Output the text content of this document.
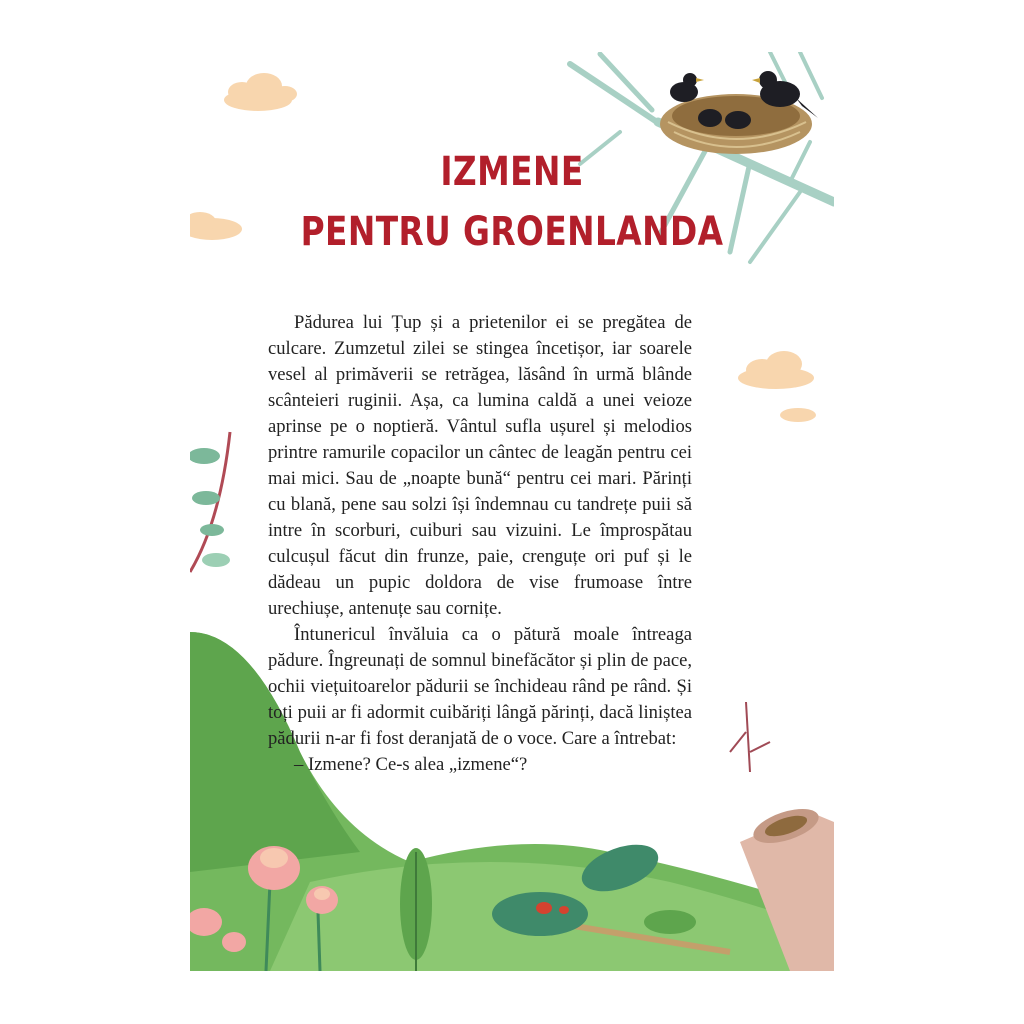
IZMENE
PENTRU GROENLANDA

Pădurea lui Țup și a prietenilor ei se pregătea de culcare. Zumzetul zilei se stingea încetișor, iar soarele vesel al primăverii se retrăgea, lăsând în urmă blânde scânteieri ruginii. Așa, ca lumina caldă a unei veioze aprinse pe o noptieră. Vântul sufla ușurel și melodios printre ramurile copacilor un cântec de leagăn pentru cei mai mici. Sau de „noapte bună“ pentru cei mari. Părinți cu blană, pene sau solzi își îndemnau cu tandrețe puii să intre în scorburi, cuiburi sau vizuini. Le împrospătau culcușul făcut din frunze, paie, crenguțe ori puf și le dădeau un pupic doldora de vise frumoase între urechiușe, antenuțe sau cornițe.

Întunericul învăluia ca o pătură moale întreaga pădure. Îngreunați de somnul binefăcător și plin de pace, ochii viețuitoarelor pădurii se închideau rând pe rând. Și toți puii ar fi adormit cuibăriți lângă părinți, dacă liniștea pădurii n-ar fi fost deranjată de o voce. Care a întrebat:

– Izmene? Ce-s alea „izmene“?
